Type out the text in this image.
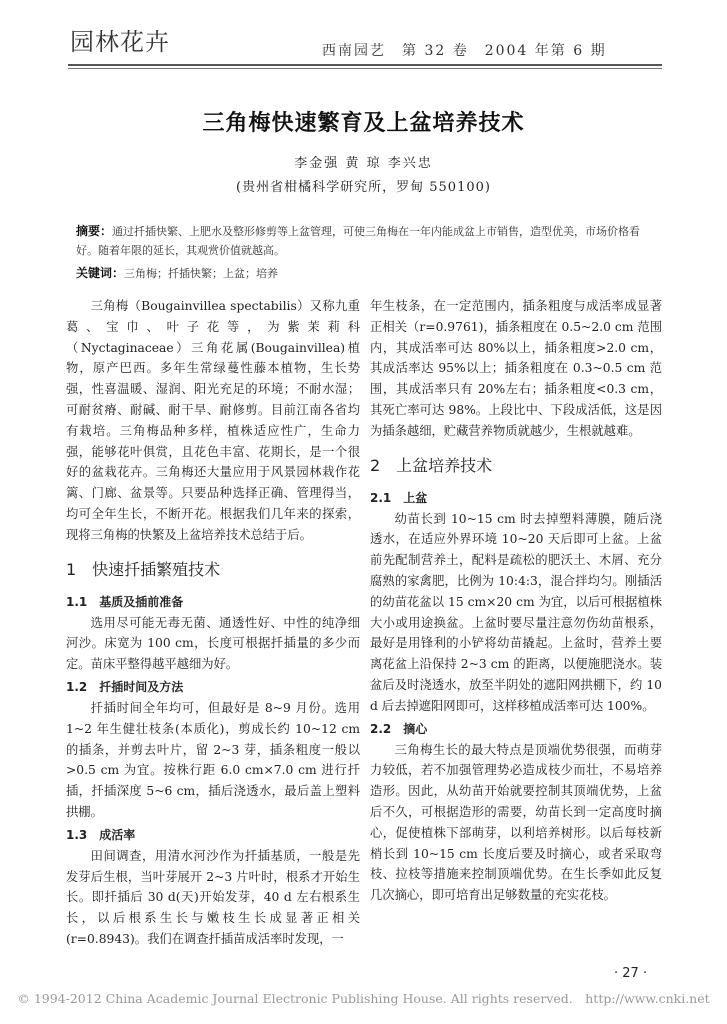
园林花卉	西南园艺　第 32 卷　2004 年第 6 期
三角梅快速繁育及上盆培养技术
李金强 黄 琼 李兴忠
(贵州省柑橘科学研究所，罗甸 550100)
摘要：通过扦插快繁、上肥水及整形修剪等上盆管理，可使三角梅在一年内能成盆上市销售，造型优美，市场价格看好。随着年限的延长，其观赏价值就越高。
关键词：三角梅；扦插快繁；上盆；培养

三角梅（Bougainvillea spectabilis）又称九重葛、宝巾、叶子花等，为紫茉莉科（Nyctaginaceae）三角花属(Bougainvillea)植物，原产巴西。多年生常绿蔓性藤本植物，生长势强，性喜温暖、湿润、阳光充足的环境；不耐水湿；可耐贫瘠、耐碱、耐干旱、耐修剪。目前江南各省均有栽培。三角梅品种多样，植株适应性广，生命力强，能够花叶俱赏，且花色丰富、花期长，是一个很好的盆栽花卉。三角梅还大量应用于风景园林栽作花篱、门廊、盆景等。只要品种选择正确、管理得当，均可全年生长，不断开花。根据我们几年来的探索，现将三角梅的快繁及上盆培养技术总结于后。

1　快速扦插繁殖技术
1.1　基质及插前准备

选用尽可能无毒无菌、通透性好、中性的纯净细河沙。床宽为 100 cm，长度可根据扦插量的多少而定。苗床平整得越平越细为好。

1.2　扦插时间及方法

扦插时间全年均可，但最好是 8~9 月份。选用 1~2 年生健壮枝条(本质化)，剪成长约 10~12 cm 的插条，并剪去叶片，留 2~3 芽，插条粗度一般以>0.5 cm 为宜。按株行距 6.0 cm×7.0 cm 进行扦插，扦插深度 5~6 cm，插后浇透水，最后盖上塑料拱棚。

1.3　成活率

田间调查，用清水河沙作为扦插基质，一般是先发芽后生根，当叶芽展开 2~3 片叶时，根系才开始生长。即扦插后 30 d(天)开始发芽，40 d 左右根系生长，以后根系生长与嫩枝生长成显著正相关(r=0.8943)。我们在调查扦插苗成活率时发现，一

年生枝条，在一定范围内，插条粗度与成活率成显著正相关（r=0.9761)，插条粗度在 0.5~2.0 cm 范围内，其成活率可达 80%以上，插条粗度>2.0 cm，其成活率达 95%以上；插条粗度在 0.3~0.5 cm 范围，其成活率只有 20%左右；插条粗度<0.3 cm，其死亡率可达 98%。上段比中、下段成活低，这是因为插条越细，贮藏营养物质就越少，生根就越难。

2　上盆培养技术
2.1　上盆

幼苗长到 10~15 cm 时去掉塑料薄膜，随后浇透水，在适应外界环境 10~20 天后即可上盆。上盆前先配制营养土，配料是疏松的肥沃土、木屑、充分腐熟的家禽肥，比例为 10:4:3，混合拌均匀。刚插活的幼苗花盆以 15 cm×20 cm 为宜，以后可根据植株大小或用途换盆。上盆时要尽量注意勿伤幼苗根系，最好是用锋利的小铲将幼苗撬起。上盆时，营养土要离花盆上沿保持 2~3 cm 的距离，以便施肥浇水。装盆后及时浇透水，放至半阴处的遮阳网拱棚下，约 10 d 后去掉遮阳网即可，这样移植成活率可达 100%。

2.2　摘心

三角梅生长的最大特点是顶端优势很强，而萌芽力较低，若不加强管理势必造成枝少而壮，不易培养造形。因此，从幼苗开始就要控制其顶端优势，上盆后不久，可根据造形的需要，幼苗长到一定高度时摘心，促使植株下部萌芽，以利培养树形。以后每枝新梢长到 10~15 cm 长度后要及时摘心，或者采取弯枝、拉枝等措施来控制顶端优势。在生长季如此反复几次摘心，即可培育出足够数量的充实花枝。

· 27 ·
© 1994-2012 China Academic Journal Electronic Publishing House. All rights reserved.　http://www.cnki.net
